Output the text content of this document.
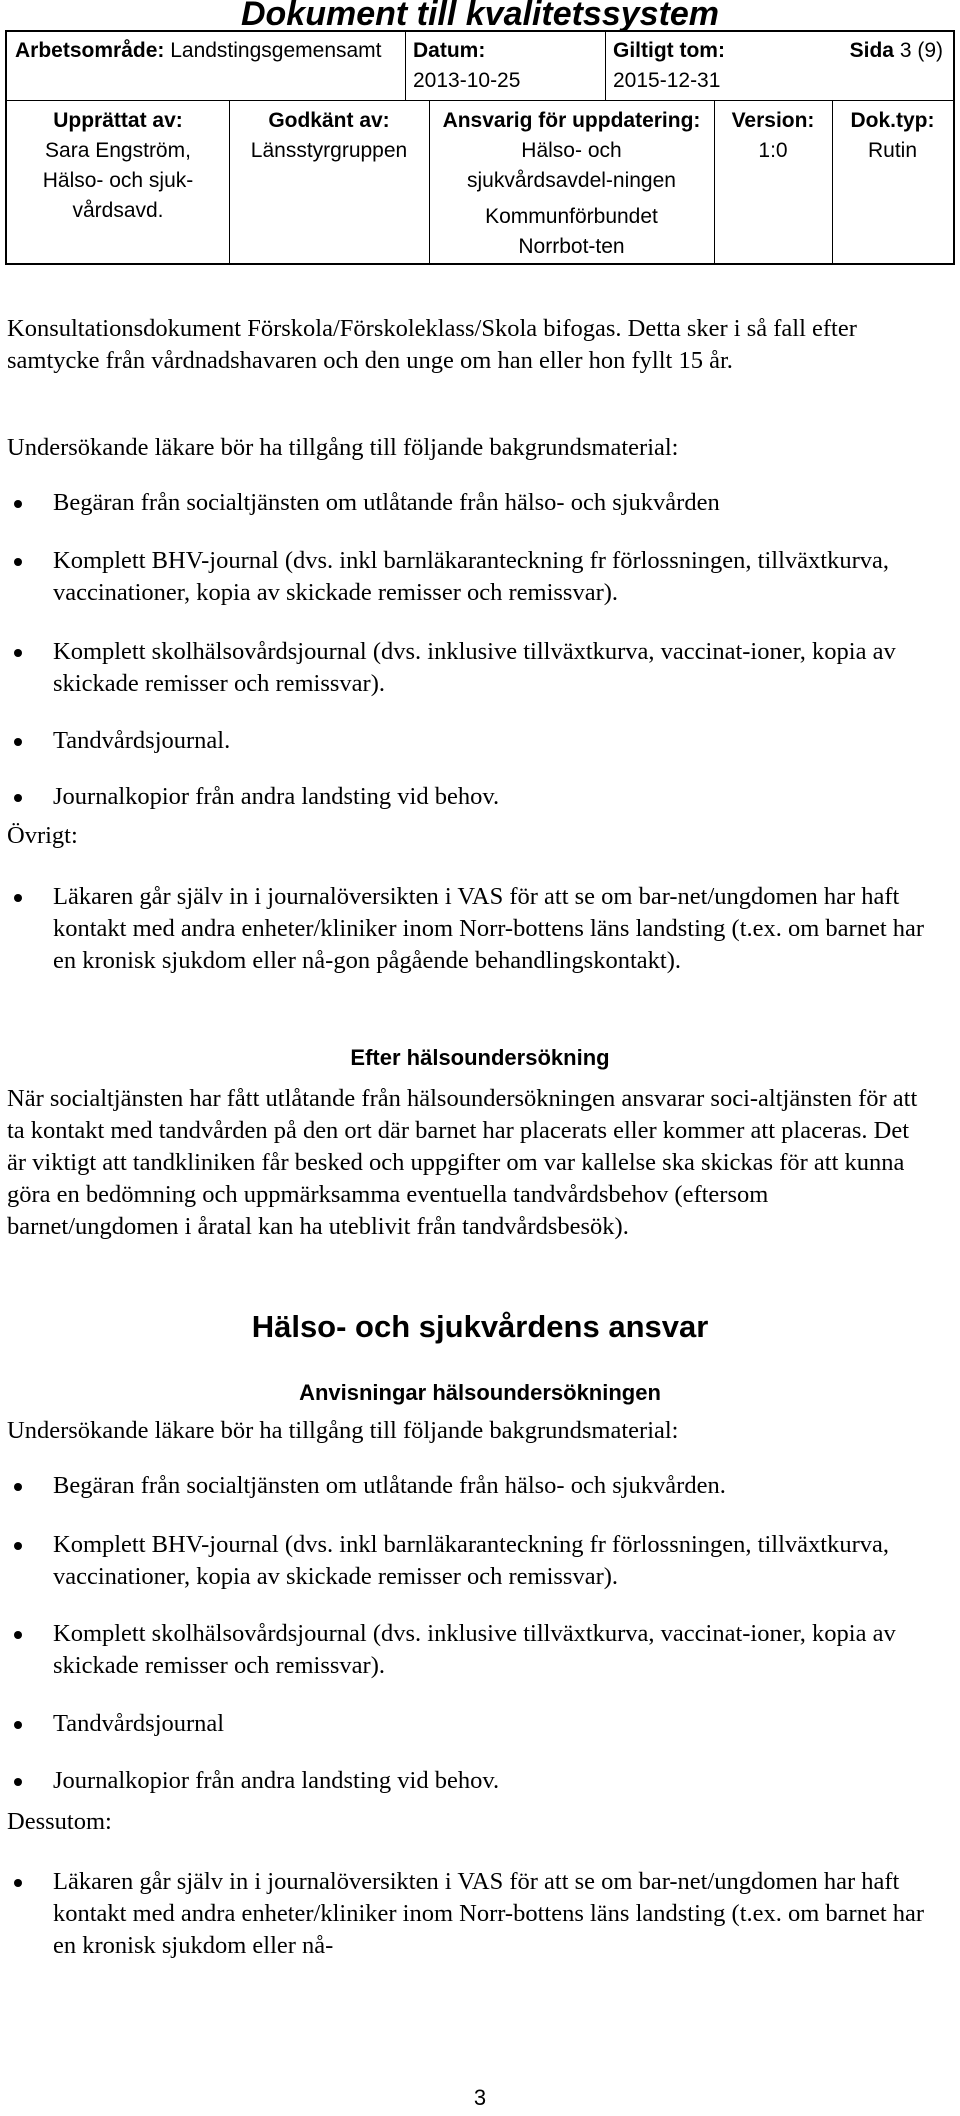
Dokument till kvalitetssystem
Arbetsområde: Landstingsgemensamt	Datum:
2013-10-25
Giltigt tom:
2015-12-31
Sida 3 (9)
Upprättat av:
Sara Engström, Hälso- och sjuk-vårdsavd.
Godkänt av:
Länsstyrgruppen
Ansvarig för uppdatering:
Hälso- och sjukvårdsavdel-ningen
Kommunförbundet Norrbot-ten
Version:
1:0
Dok.typ:
Rutin
Konsultationsdokument Förskola/Förskoleklass/Skola bifogas. Detta sker i så fall efter samtycke från vårdnadshavaren och den unge om han eller hon fyllt 15 år.
Undersökande läkare bör ha tillgång till följande bakgrundsmaterial:
Begäran från socialtjänsten om utlåtande från hälso- och sjukvården
Komplett BHV-journal (dvs. inkl barnläkaranteckning fr förlossningen, tillväxtkurva, vaccinationer, kopia av skickade remisser och remissvar).
Komplett skolhälsovårdsjournal (dvs. inklusive tillväxtkurva, vaccinat-ioner, kopia av skickade remisser och remissvar).
Tandvårdsjournal.
Journalkopior från andra landsting vid behov.
Övrigt:
Läkaren går själv in i journalöversikten i VAS för att se om bar-net/ungdomen har haft kontakt med andra enheter/kliniker inom Norr-bottens läns landsting (t.ex. om barnet har en kronisk sjukdom eller nå-gon pågående behandlingskontakt).
Efter hälsoundersökning
När socialtjänsten har fått utlåtande från hälsoundersökningen ansvarar soci-altjänsten för att ta kontakt med tandvården på den ort där barnet har placerats eller kommer att placeras. Det är viktigt att tandkliniken får besked och uppgifter om var kallelse ska skickas för att kunna göra en bedömning och uppmärksamma eventuella tandvårdsbehov (eftersom barnet/ungdomen i åratal kan ha uteblivit från tandvårdsbesök).
Hälso- och sjukvårdens ansvar
Anvisningar hälsoundersökningen
Undersökande läkare bör ha tillgång till följande bakgrundsmaterial:
Begäran från socialtjänsten om utlåtande från hälso- och sjukvården.
Komplett BHV-journal (dvs. inkl barnläkaranteckning fr förlossningen, tillväxtkurva, vaccinationer, kopia av skickade remisser och remissvar).
Komplett skolhälsovårdsjournal (dvs. inklusive tillväxtkurva, vaccinat-ioner, kopia av skickade remisser och remissvar).
Tandvårdsjournal
Journalkopior från andra landsting vid behov.
Dessutom:
Läkaren går själv in i journalöversikten i VAS för att se om bar-net/ungdomen har haft kontakt med andra enheter/kliniker inom Norr-bottens läns landsting (t.ex. om barnet har en kronisk sjukdom eller nå-
3
